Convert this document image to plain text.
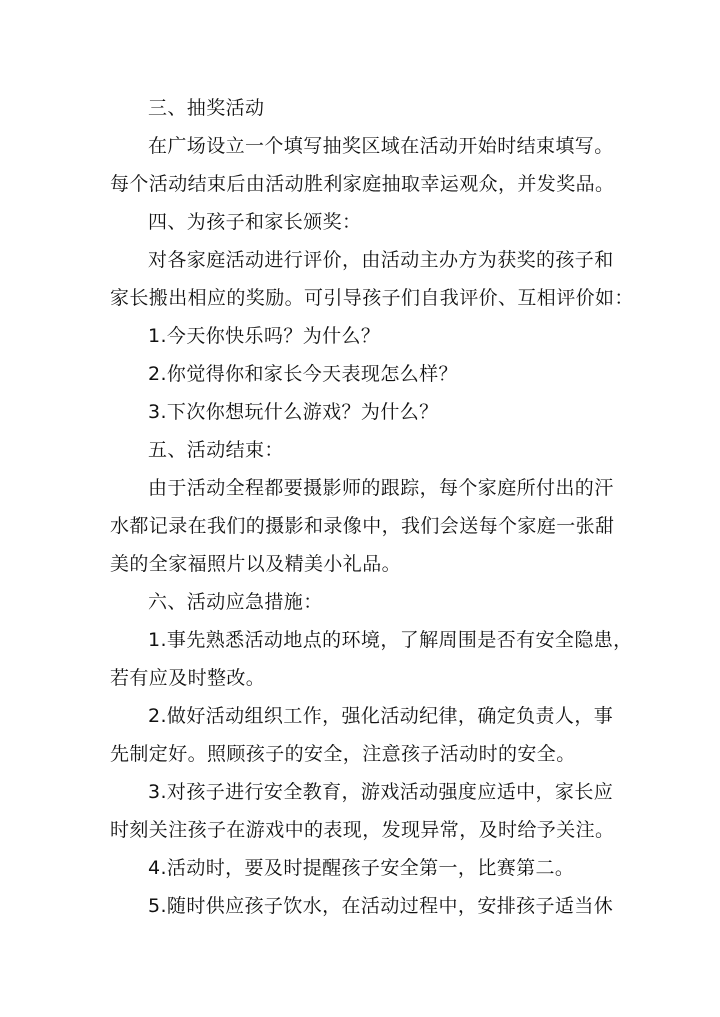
三、抽奖活动
在广场设立一个填写抽奖区域在活动开始时结束填写。
每个活动结束后由活动胜利家庭抽取幸运观众，并发奖品。
四、为孩子和家长颁奖：
对各家庭活动进行评价，由活动主办方为获奖的孩子和
家长搬出相应的奖励。可引导孩子们自我评价、互相评价如：
1.今天你快乐吗？为什么？
2.你觉得你和家长今天表现怎么样？
3.下次你想玩什么游戏？为什么？
五、活动结束：
由于活动全程都要摄影师的跟踪，每个家庭所付出的汗
水都记录在我们的摄影和录像中，我们会送每个家庭一张甜
美的全家福照片以及精美小礼品。
六、活动应急措施：
1.事先熟悉活动地点的环境，了解周围是否有安全隐患，
若有应及时整改。
2.做好活动组织工作，强化活动纪律，确定负责人，事
先制定好。照顾孩子的安全，注意孩子活动时的安全。
3.对孩子进行安全教育，游戏活动强度应适中，家长应
时刻关注孩子在游戏中的表现，发现异常，及时给予关注。
4.活动时，要及时提醒孩子安全第一，比赛第二。
5.随时供应孩子饮水，在活动过程中，安排孩子适当休
